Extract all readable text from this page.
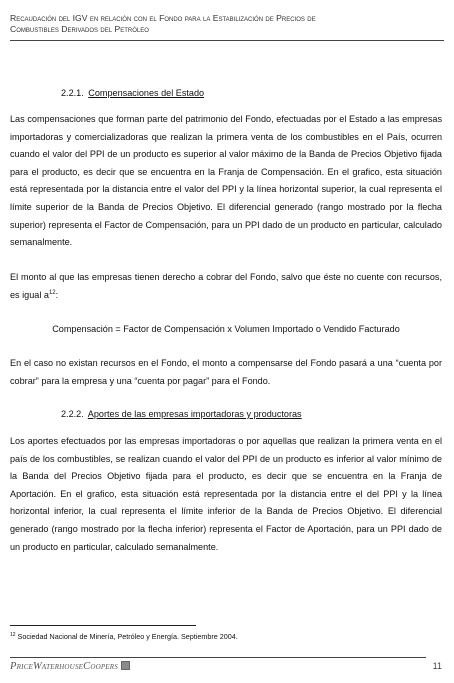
Recaudación del IGV en relación con el Fondo para la Estabilización de Precios de
Combustibles Derivados del Petróleo
2.2.1. Compensaciones del Estado
Las compensaciones que forman parte del patrimonio del Fondo, efectuadas por el Estado a las empresas importadoras y comercializadoras que realizan la primera venta de los combustibles en el País, ocurren cuando el valor del PPI de un producto es superior al valor máximo de la Banda de Precios Objetivo fijada para el producto, es decir que se encuentra en la Franja de Compensación. En el grafico, esta situación está representada por la distancia entre el valor del PPI y la línea horizontal superior, la cual representa el límite superior de la Banda de Precios Objetivo. El diferencial generado (rango mostrado por la flecha superior) representa el Factor de Compensación, para un PPI dado de un producto en particular, calculado semanalmente.
El monto al que las empresas tienen derecho a cobrar del Fondo, salvo que éste no cuente con recursos, es igual $a^{12}$:
Compensación = Factor de Compensación x Volumen Importado o Vendido Facturado
En el caso no existan recursos en el Fondo, el monto a compensarse del Fondo pasará a una “cuenta por cobrar” para la empresa y una “cuenta por pagar” para el Fondo.
2.2.2. Aportes de las empresas importadoras y productoras
Los aportes efectuados por las empresas importadoras o por aquellas que realizan la primera venta en el país de los combustibles, se realizan cuando el valor del PPI de un producto es inferior al valor mínimo de la Banda del Precios Objetivo fijada para el producto, es decir que se encuentra en la Franja de Aportación. En el grafico, esta situación está representada por la distancia entre el del PPI y la línea horizontal inferior, la cual representa el límite inferior de la Banda de Precios Objetivo. El diferencial generado (rango mostrado por la flecha inferior) representa el Factor de Aportación, para un PPI dado de un producto en particular, calculado semanalmente.
$^{12}$ Sociedad Nacional de Minería, Petróleo y Energía. Septiembre 2004.
PriceWaterhouseCoopers	11
